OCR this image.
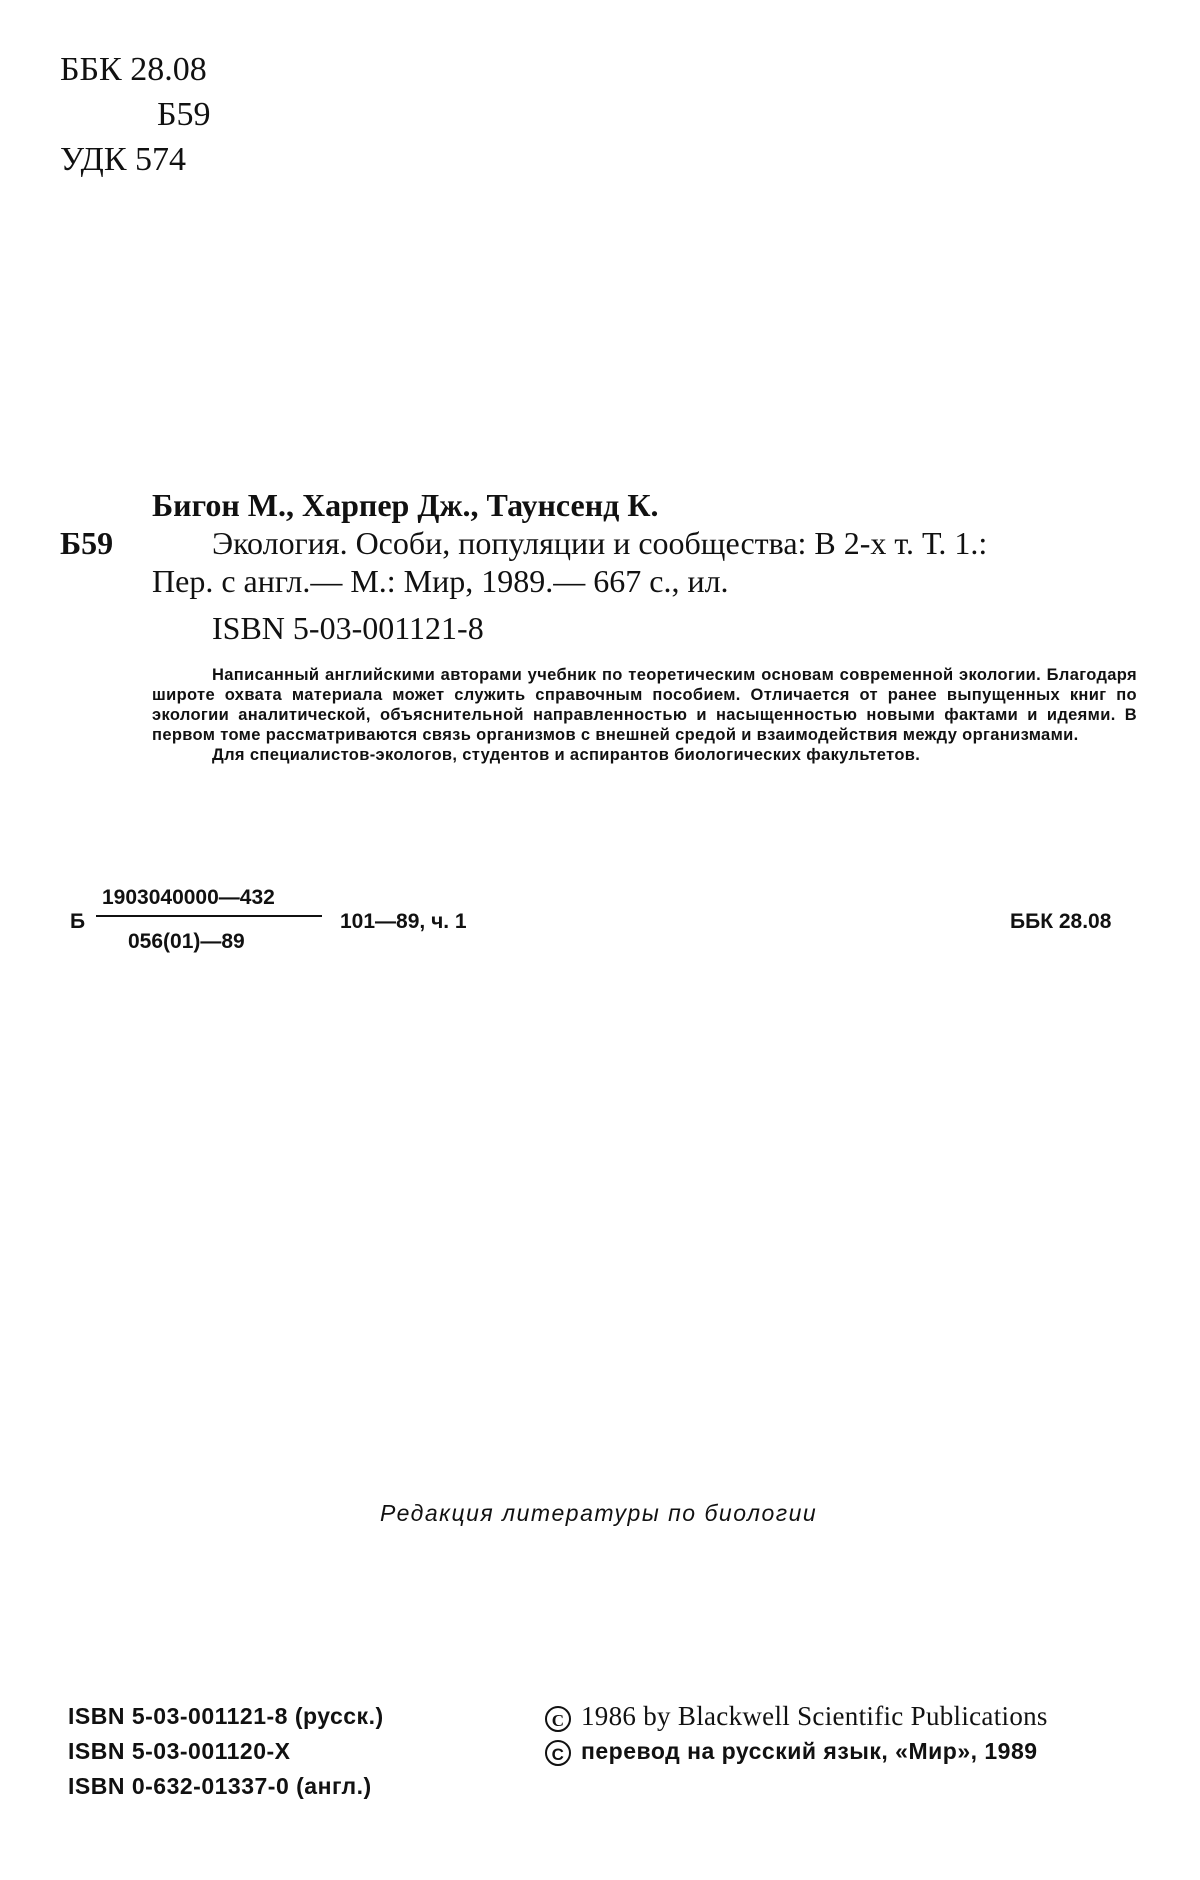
ББК 28.08
Б59
УДК 574
Бигон М., Харпер Дж., Таунсенд К.
Б59	Экология. Особи, популяции и сообщества: В 2-х т. Т. 1.:
Пер. с англ.— М.: Мир, 1989.— 667 с., ил.
ISBN 5-03-001121-8

Написанный английскими авторами учебник по теоретическим основам современной экологии. Благодаря широте охвата материала может служить справочным пособием. Отличается от ранее выпущенных книг по экологии аналитической, объяснительной направленностью и насыщенностью новыми фактами и идеями. В первом томе рассматриваются связь организмов с внешней средой и взаимодействия между организмами.

Для специалистов-экологов, студентов и аспирантов биологических факультетов.

Б
1903040000—432
056(01)—89
101—89, ч. 1	ББК 28.08
Редакция литературы по биологии
ISBN 5-03-001121-8 (русск.)
ISBN 5-03-001120-X
ISBN 0-632-01337-0 (англ.)
C 1986 by Blackwell Scientific Publications
C перевод на русский язык, «Мир», 1989
